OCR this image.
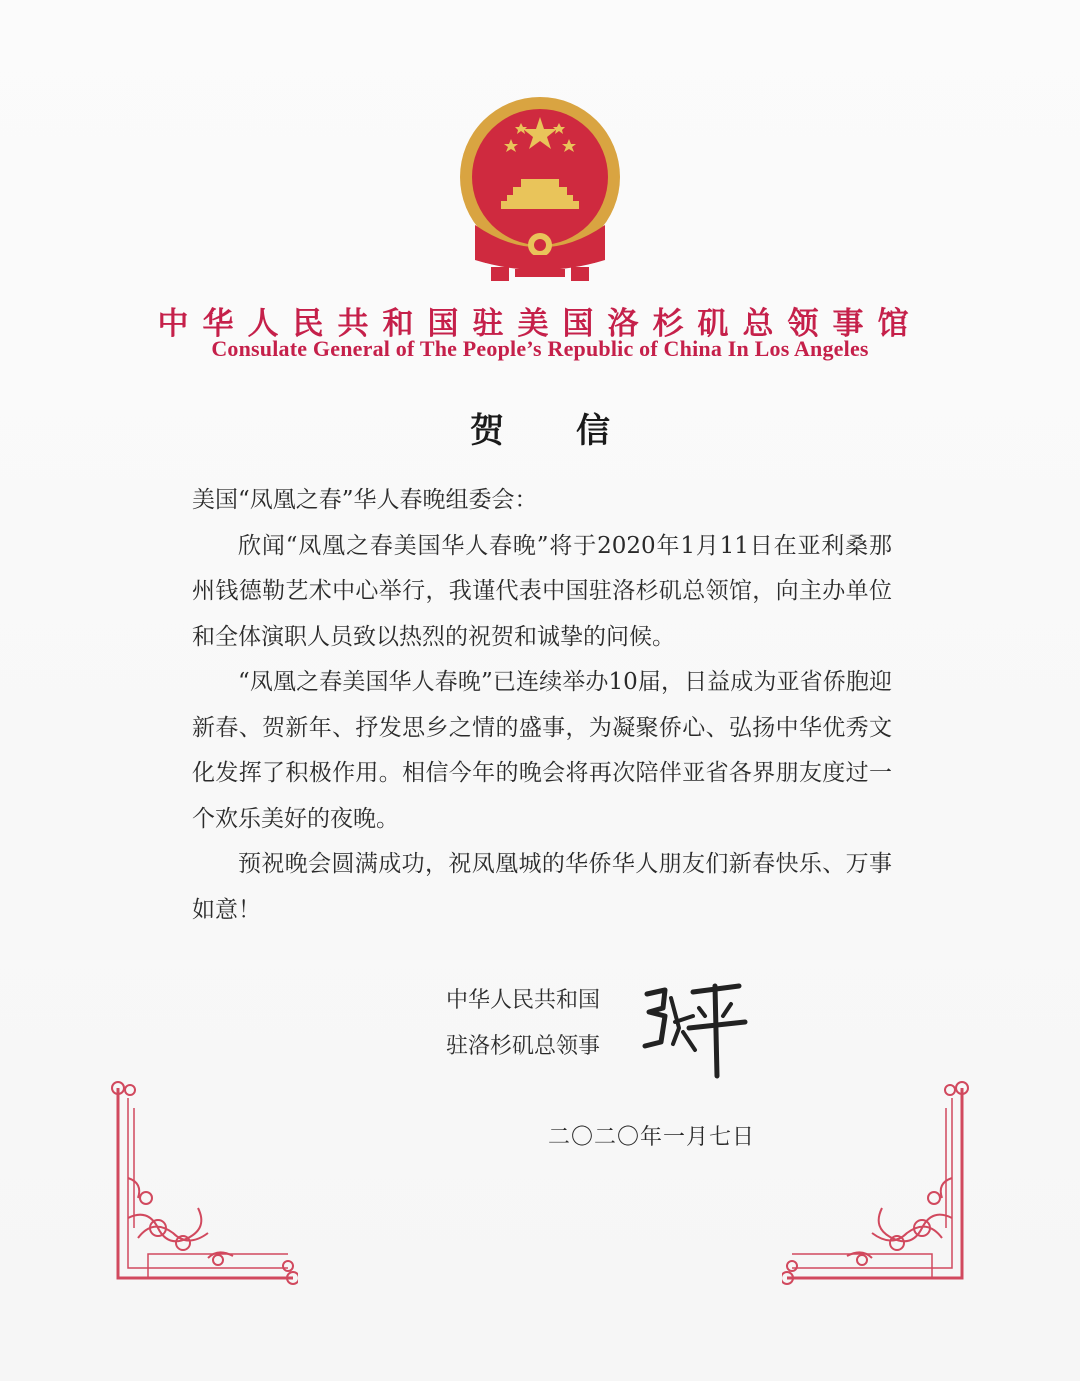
中华人民共和国驻美国洛杉矶总领事馆
Consulate General of The People’s Republic of China In Los Angeles
贺信

美国“凤凰之春”华人春晚组委会：

欣闻“凤凰之春美国华人春晚”将于2020年1月11日在亚利桑那州钱德勒艺术中心举行，我谨代表中国驻洛杉矶总领馆，向主办单位和全体演职人员致以热烈的祝贺和诚挚的问候。

“凤凰之春美国华人春晚”已连续举办10届，日益成为亚省侨胞迎新春、贺新年、抒发思乡之情的盛事，为凝聚侨心、弘扬中华优秀文化发挥了积极作用。相信今年的晚会将再次陪伴亚省各界朋友度过一个欢乐美好的夜晚。

预祝晚会圆满成功，祝凤凰城的华侨华人朋友们新春快乐、万事如意！

中华人民共和国
驻洛杉矶总领事
二〇二〇年一月七日
